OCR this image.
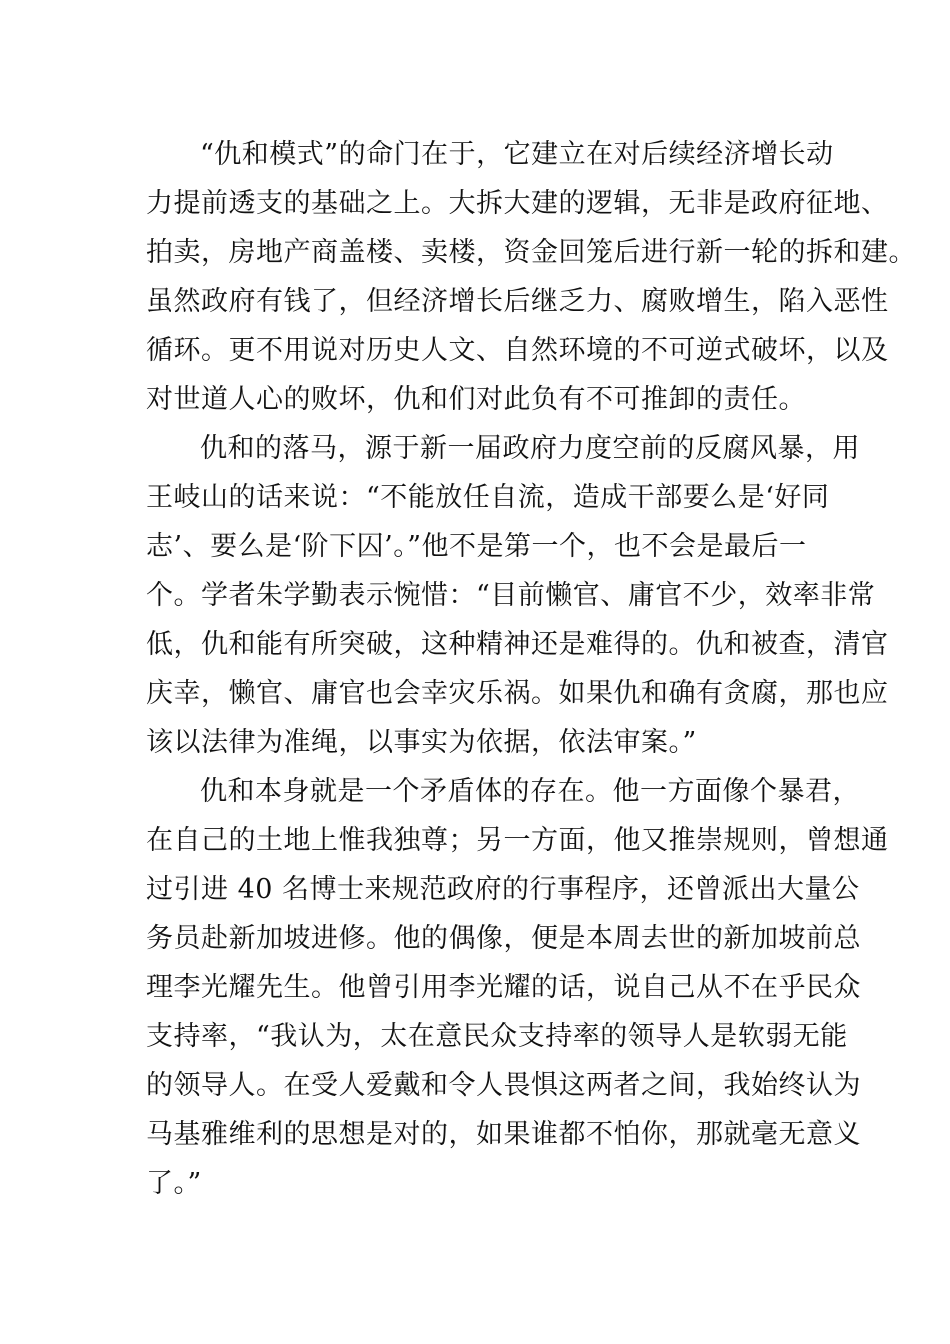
“仇和模式”的命门在于，它建立在对后续经济增长动
力提前透支的基础之上。大拆大建的逻辑，无非是政府征地、
拍卖，房地产商盖楼、卖楼，资金回笼后进行新一轮的拆和建。
虽然政府有钱了，但经济增长后继乏力、腐败增生，陷入恶性
循环。更不用说对历史人文、自然环境的不可逆式破坏，以及
对世道人心的败坏，仇和们对此负有不可推卸的责任。
仇和的落马，源于新一届政府力度空前的反腐风暴，用
王岐山的话来说：“不能放任自流，造成干部要么是‘好同
志’、要么是‘阶下囚’。”他不是第一个，也不会是最后一
个。学者朱学勤表示惋惜：“目前懒官、庸官不少，效率非常
低，仇和能有所突破，这种精神还是难得的。仇和被查，清官
庆幸，懒官、庸官也会幸灾乐祸。如果仇和确有贪腐，那也应
该以法律为准绳，以事实为依据，依法审案。”
仇和本身就是一个矛盾体的存在。他一方面像个暴君，
在自己的土地上惟我独尊；另一方面，他又推崇规则，曾想通
过引进 40 名博士来规范政府的行事程序，还曾派出大量公
务员赴新加坡进修。他的偶像，便是本周去世的新加坡前总
理李光耀先生。他曾引用李光耀的话，说自己从不在乎民众
支持率，“我认为，太在意民众支持率的领导人是软弱无能
的领导人。在受人爱戴和令人畏惧这两者之间，我始终认为
马基雅维利的思想是对的，如果谁都不怕你，那就毫无意义
了。”
